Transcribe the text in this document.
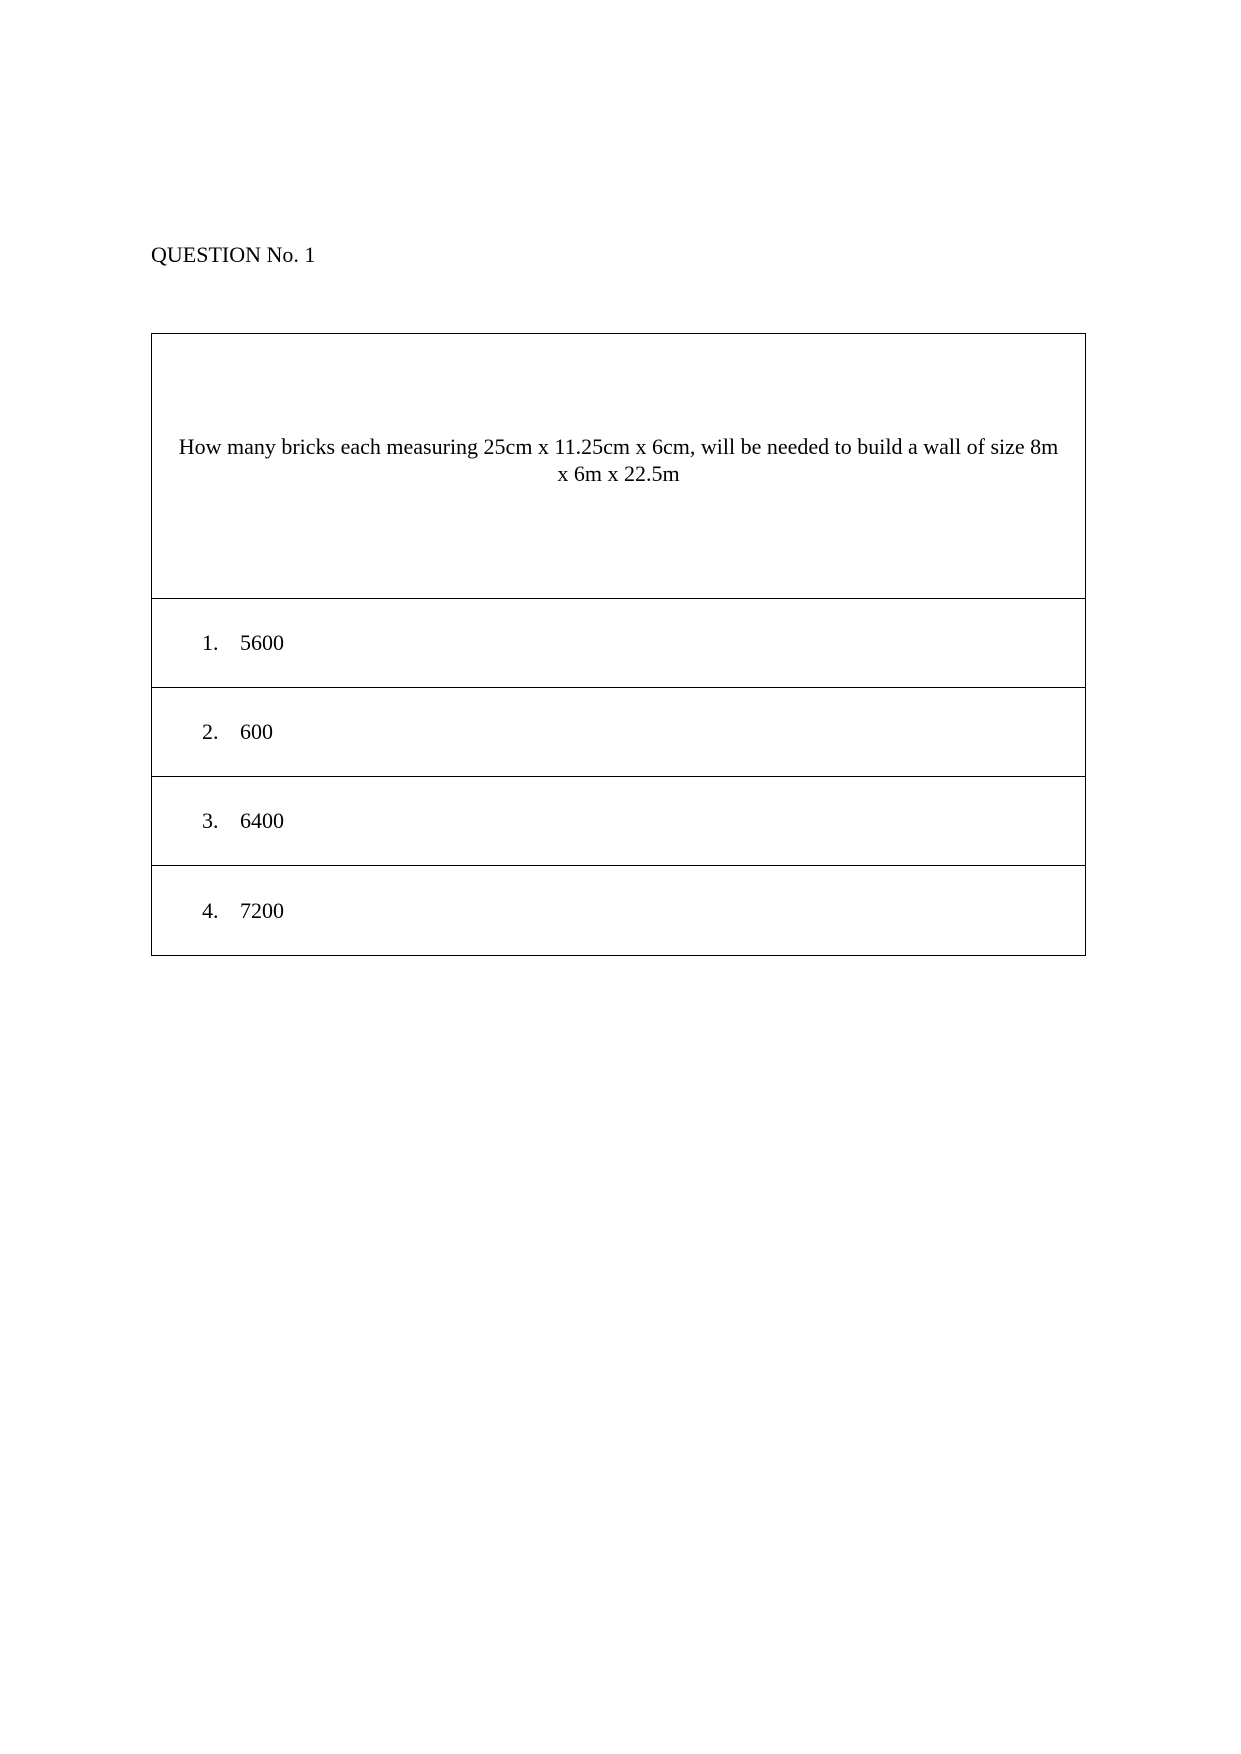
QUESTION No. 1
How many bricks each measuring 25cm x 11.25cm x 6cm, will be needed to build a wall of size 8m x 6m x 22.5m

1. 5600

2. 600

3. 6400

4. 7200
